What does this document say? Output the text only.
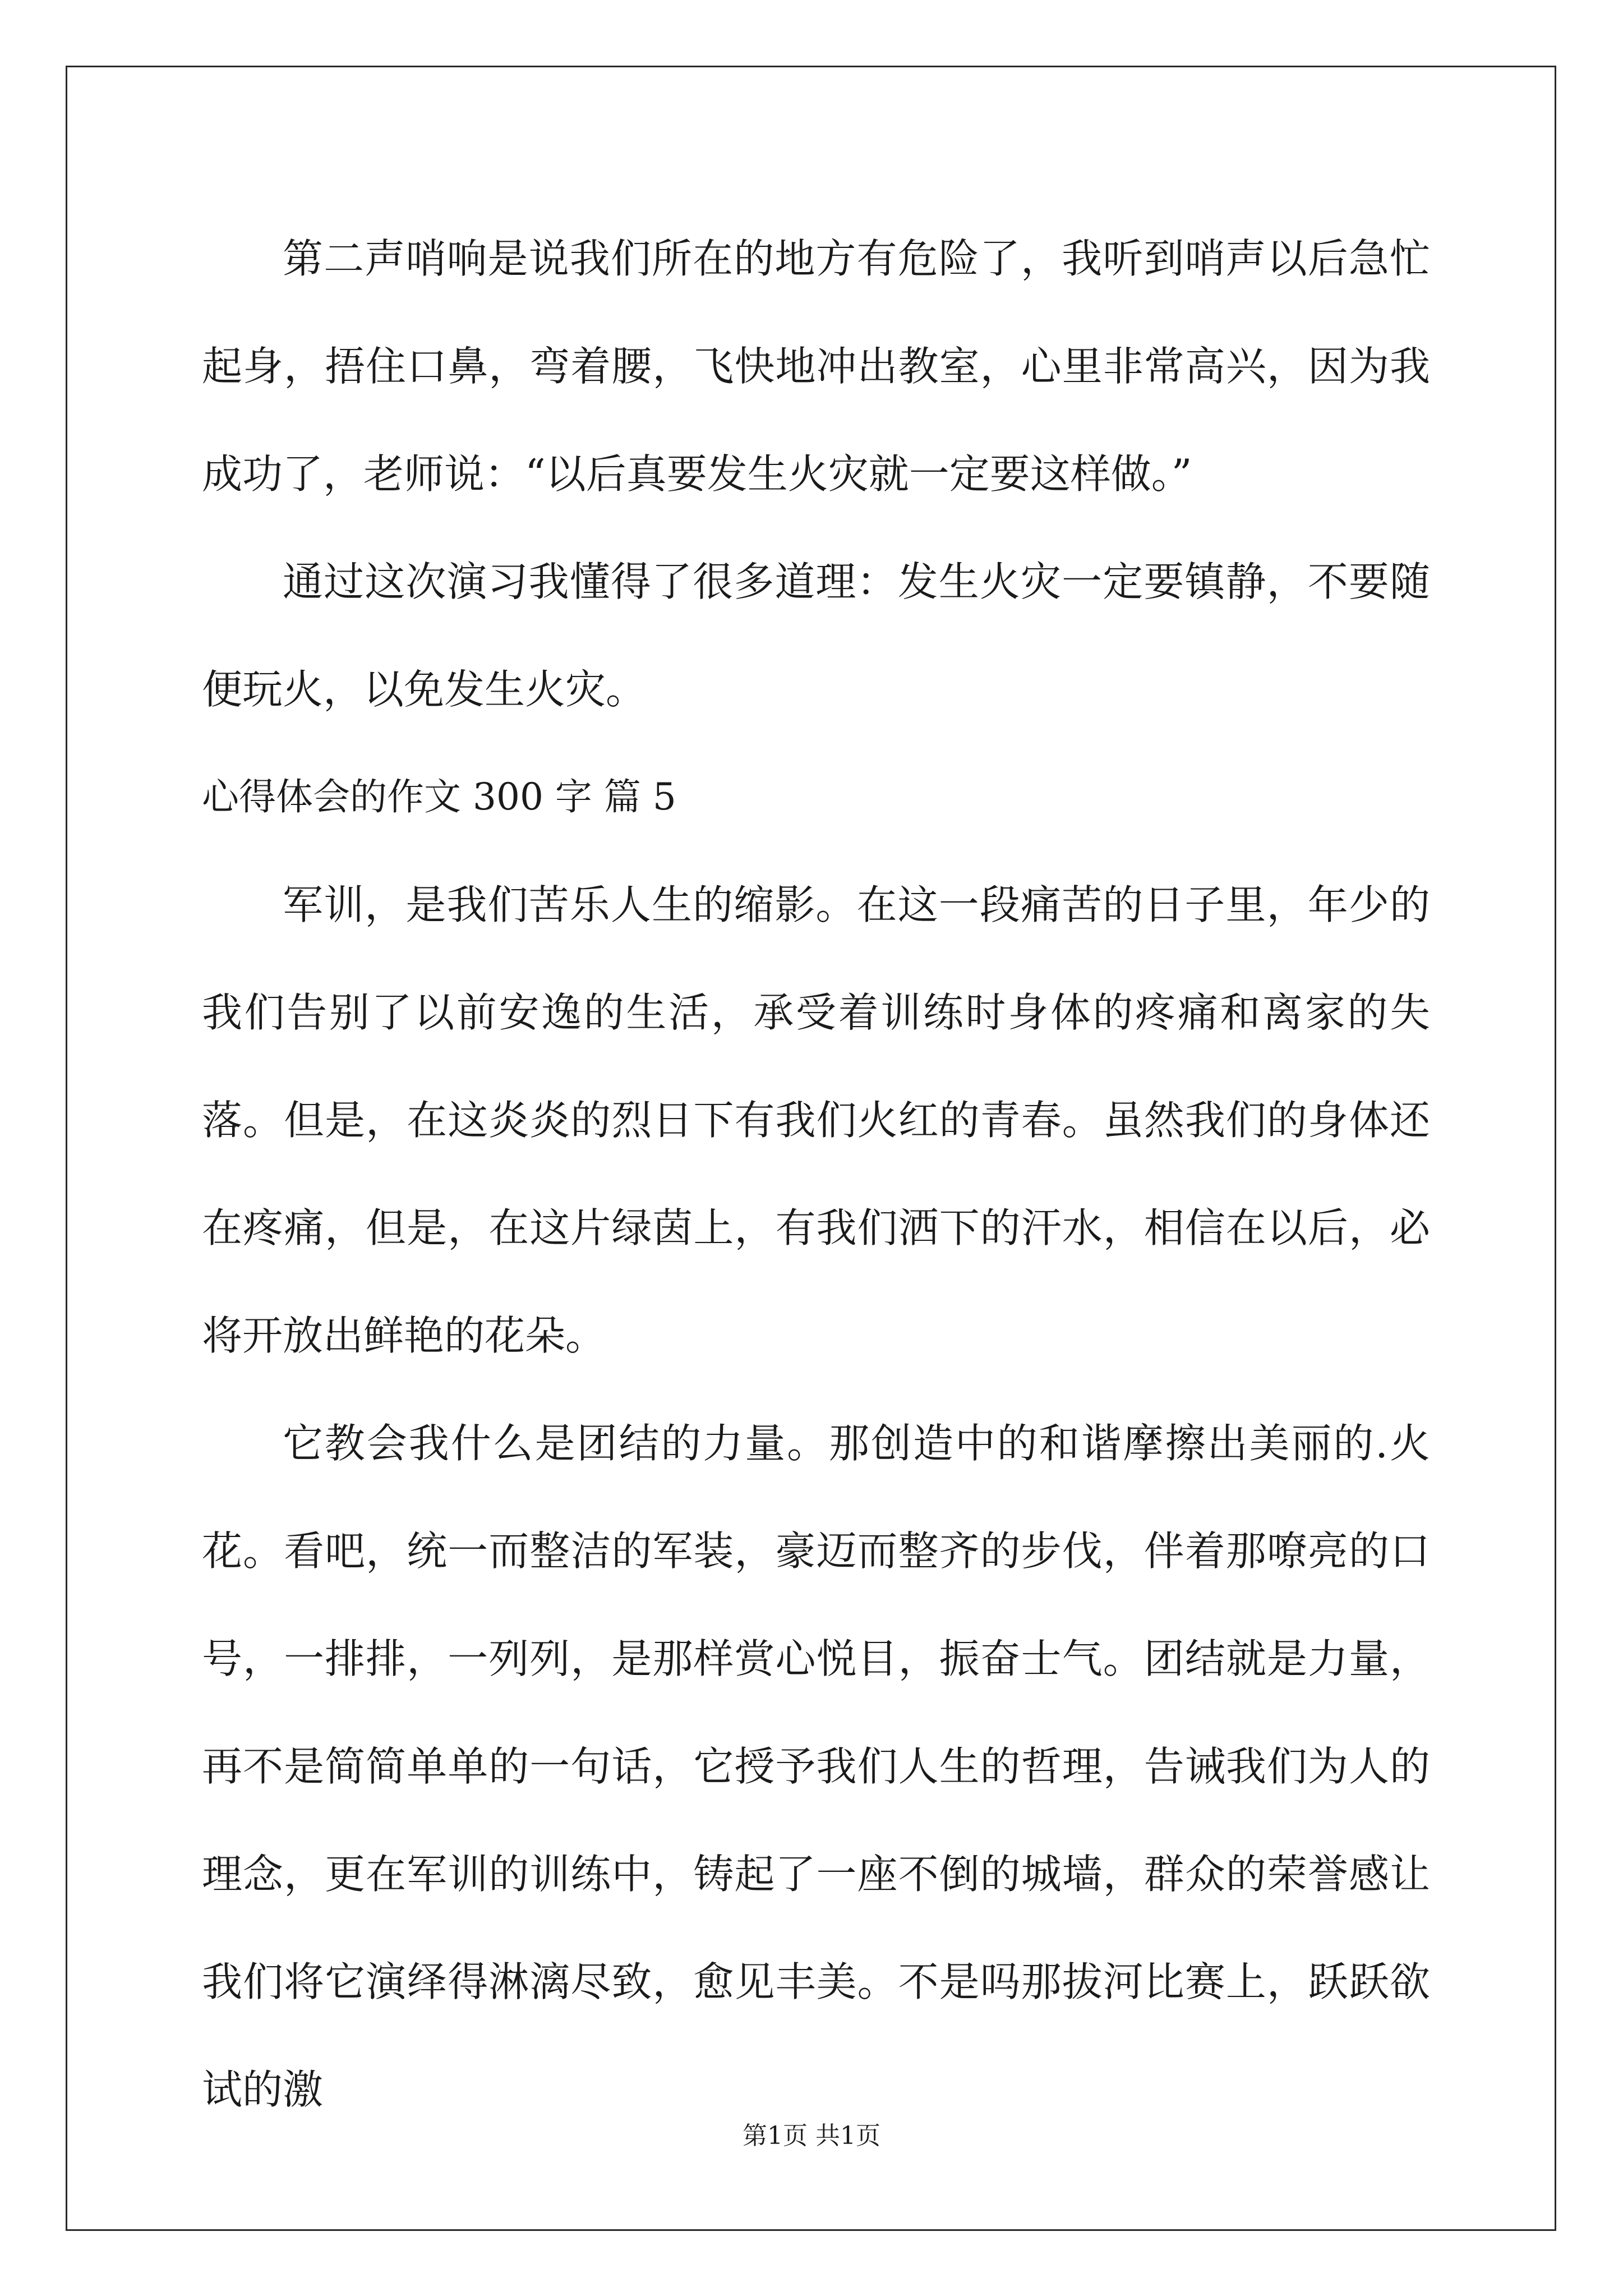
第二声哨响是说我们所在的地方有危险了，我听到哨声以后急忙起身，捂住口鼻，弯着腰，飞快地冲出教室，心里非常高兴，因为我成功了，老师说：“以后真要发生火灾就一定要这样做。”

通过这次演习我懂得了很多道理：发生火灾一定要镇静，不要随便玩火，以免发生火灾。

心得体会的作文 300 字 篇 5

军训，是我们苦乐人生的缩影。在这一段痛苦的日子里，年少的我们告别了以前安逸的生活，承受着训练时身体的疼痛和离家的失落。但是，在这炎炎的烈日下有我们火红的青春。虽然我们的身体还在疼痛，但是，在这片绿茵上，有我们洒下的汗水，相信在以后，必将开放出鲜艳的花朵。

它教会我什么是团结的力量。那创造中的和谐摩擦出美丽的.火花。看吧，统一而整洁的军装，豪迈而整齐的步伐，伴着那嘹亮的口号，一排排，一列列，是那样赏心悦目，振奋士气。团结就是力量，再不是简简单单的一句话，它授予我们人生的哲理，告诫我们为人的理念，更在军训的训练中，铸起了一座不倒的城墙，群众的荣誉感让我们将它演绎得淋漓尽致，愈见丰美。不是吗那拔河比赛上，跃跃欲试的激

第1页 共1页
